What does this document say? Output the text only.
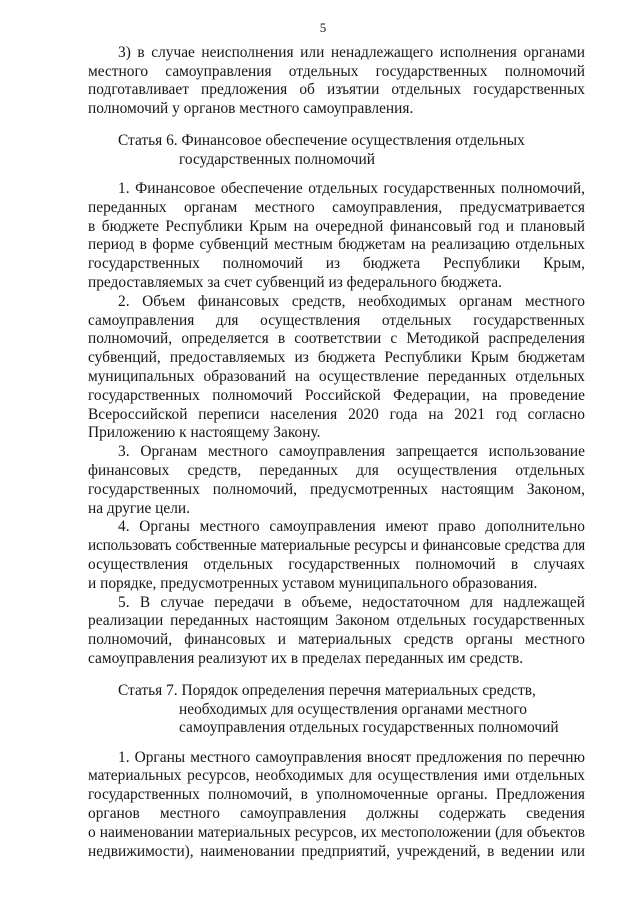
5
3) в случае неисполнения или ненадлежащего исполнения органами
местного самоуправления отдельных государственных полномочий
подготавливает предложения об изъятии отдельных государственных
полномочий у органов местного самоуправления.
Статья 6. Финансовое обеспечение осуществления отдельных
государственных полномочий
1. Финансовое обеспечение отдельных государственных полномочий,
переданных органам местного самоуправления, предусматривается
в бюджете Республики Крым на очередной финансовый год и плановый
период в форме субвенций местным бюджетам на реализацию отдельных
государственных полномочий из бюджета Республики Крым,
предоставляемых за счет субвенций из федерального бюджета.
2. Объем финансовых средств, необходимых органам местного
самоуправления для осуществления отдельных государственных
полномочий, определяется в соответствии с Методикой распределения
субвенций, предоставляемых из бюджета Республики Крым бюджетам
муниципальных образований на осуществление переданных отдельных
государственных полномочий Российской Федерации, на проведение
Всероссийской переписи населения 2020 года на 2021 год согласно
Приложению к настоящему Закону.
3. Органам местного самоуправления запрещается использование
финансовых средств, переданных для осуществления отдельных
государственных полномочий, предусмотренных настоящим Законом,
на другие цели.
4. Органы местного самоуправления имеют право дополнительно
использовать собственные материальные ресурсы и финансовые средства для
осуществления отдельных государственных полномочий в случаях
и порядке, предусмотренных уставом муниципального образования.
5. В случае передачи в объеме, недостаточном для надлежащей
реализации переданных настоящим Законом отдельных государственных
полномочий, финансовых и материальных средств органы местного
самоуправления реализуют их в пределах переданных им средств.
Статья 7. Порядок определения перечня материальных средств,
необходимых для осуществления органами местного
самоуправления отдельных государственных полномочий
1. Органы местного самоуправления вносят предложения по перечню
материальных ресурсов, необходимых для осуществления ими отдельных
государственных полномочий, в уполномоченные органы. Предложения
органов местного самоуправления должны содержать сведения
о наименовании материальных ресурсов, их местоположении (для объектов
недвижимости), наименовании предприятий, учреждений, в ведении или
